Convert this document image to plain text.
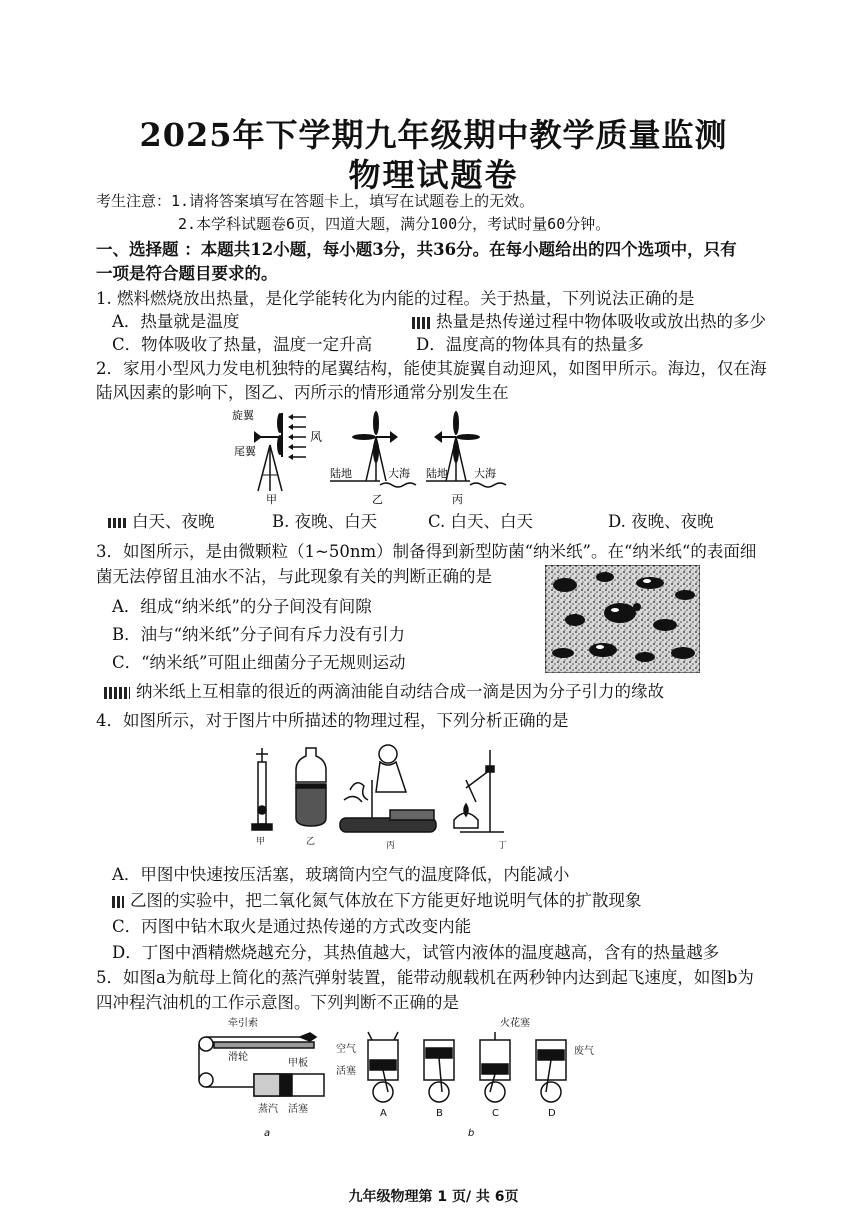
2025年下学期九年级期中教学质量监测
物理试题卷
考生注意：1.请将答案填写在答题卡上，填写在试题卷上的无效。
2.本学科试题卷6页，四道大题，满分100分，考试时量60分钟。
一、选择题 ：本题共12小题，每小题3分，共36分。在每小题给出的四个选项中，只有
一项是符合题目要求的。
1. 燃料燃烧放出热量，是化学能转化为内能的过程。关于热量，下列说法正确的是
A．热量就是温度	热量是热传递过程中物体吸收或放出热的多少
C．物体吸收了热量，温度一定升高	D．温度高的物体具有的热量多
2．家用小型风力发电机独特的尾翼结构，能使其旋翼自动迎风，如图甲所示。海边，仅在海
陆风因素的影响下，图乙、丙所示的情形通常分别发生在
旋翼
尾翼
风
甲
陆地	大海
乙
陆地 大海
丙
白天、夜晚	B. 夜晚、白天	C. 白天、白天	D. 夜晚、夜晚
3．如图所示，是由微颗粒（1~50nm）制备得到新型防菌“纳米纸”。在“纳米纸“的表面细
菌无法停留且油水不沾，与此现象有关的判断正确的是
A．组成“纳米纸”的分子间没有间隙
B．油与“纳米纸”分子间有斥力没有引力
C．“纳米纸”可阻止细菌分子无规则运动
纳米纸上互相靠的很近的两滴油能自动结合成一滴是因为分子引力的缘故
4．如图所示，对于图片中所描述的物理过程，下列分析正确的是
甲	乙	丙	丁
A．甲图中快速按压活塞，玻璃筒内空气的温度降低，内能减小
乙图的实验中，把二氧化氮气体放在下方能更好地说明气体的扩散现象
C．丙图中钻木取火是通过热传递的方式改变内能
D．丁图中酒精燃烧越充分，其热值越大，试管内液体的温度越高，含有的热量越多
5．如图a为航母上简化的蒸汽弹射装置，能带动舰载机在两秒钟内达到起飞速度，如图b为
四冲程汽油机的工作示意图。下列判断不正确的是
牵引索
滑轮
甲板
蒸汽 活塞
a
A	B	C	D
空气
活塞
火花塞
废气
b
九年级物理第 1 页/ 共 6页
